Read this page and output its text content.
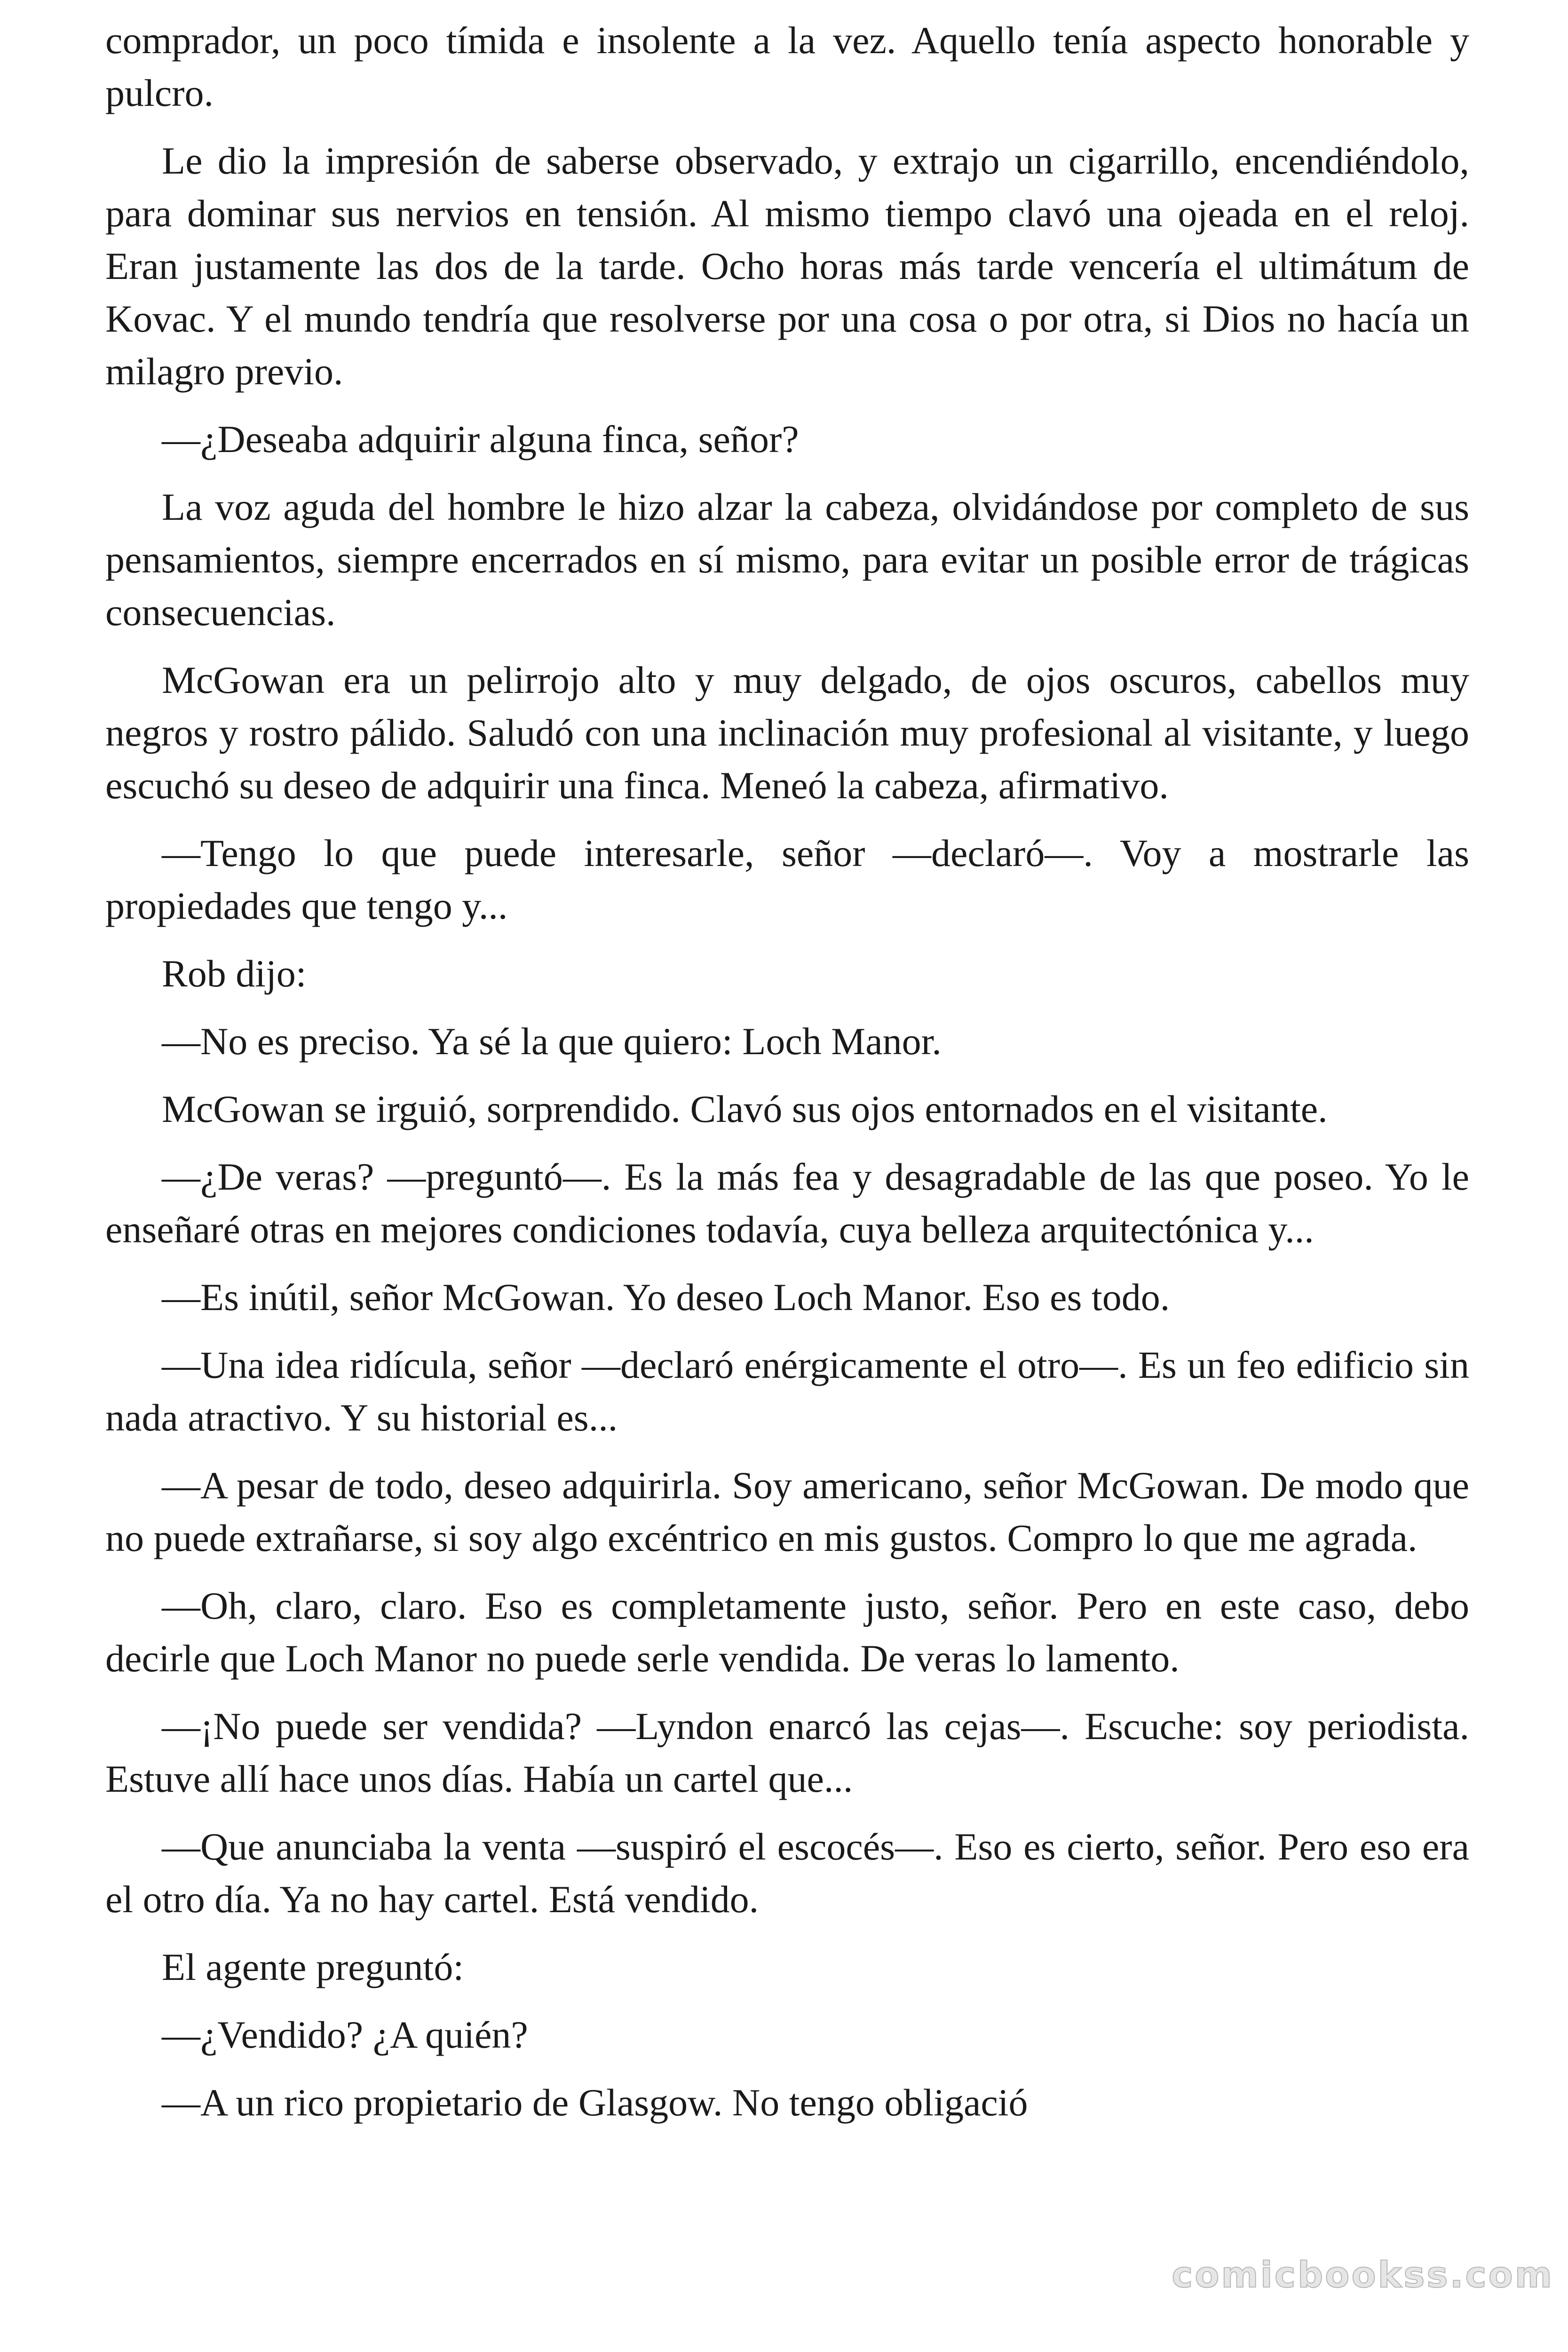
comprador, un poco tímida e insolente a la vez. Aquello tenía aspecto honorable y pulcro.

Le dio la impresión de saberse observado, y extrajo un cigarrillo, encendiéndolo, para dominar sus nervios en tensión. Al mismo tiempo clavó una ojeada en el reloj. Eran justamente las dos de la tarde. Ocho horas más tarde vencería el ultimátum de Kovac. Y el mundo tendría que resolverse por una cosa o por otra, si Dios no hacía un milagro previo.

—¿Deseaba adquirir alguna finca, señor?

La voz aguda del hombre le hizo alzar la cabeza, olvidándose por completo de sus pensamientos, siempre encerrados en sí mismo, para evitar un posible error de trágicas consecuencias.

McGowan era un pelirrojo alto y muy delgado, de ojos oscuros, cabellos muy negros y rostro pálido. Saludó con una inclinación muy profesional al visitante, y luego escuchó su deseo de adquirir una finca. Meneó la cabeza, afirmativo.

—Tengo lo que puede interesarle, señor —declaró—. Voy a mostrarle las propiedades que tengo y...

Rob dijo:

—No es preciso. Ya sé la que quiero: Loch Manor.

McGowan se irguió, sorprendido. Clavó sus ojos entornados en el visitante.

—¿De veras? —preguntó—. Es la más fea y desagradable de las que poseo. Yo le enseñaré otras en mejores condiciones todavía, cuya belleza arquitectónica y...

—Es inútil, señor McGowan. Yo deseo Loch Manor. Eso es todo.

—Una idea ridícula, señor —declaró enérgicamente el otro—. Es un feo edificio sin nada atractivo. Y su historial es...

—A pesar de todo, deseo adquirirla. Soy americano, señor McGowan. De modo que no puede extrañarse, si soy algo excéntrico en mis gustos. Compro lo que me agrada.

—Oh, claro, claro. Eso es completamente justo, señor. Pero en este caso, debo decirle que Loch Manor no puede serle vendida. De veras lo lamento.

—¡No puede ser vendida? —Lyndon enarcó las cejas—. Escuche: soy periodista. Estuve allí hace unos días. Había un cartel que...

—Que anunciaba la venta —suspiró el escocés—. Eso es cierto, señor. Pero eso era el otro día. Ya no hay cartel. Está vendido.

El agente preguntó:

—¿Vendido? ¿A quién?

—A un rico propietario de Glasgow. No tengo obligació

comicbookss.com
